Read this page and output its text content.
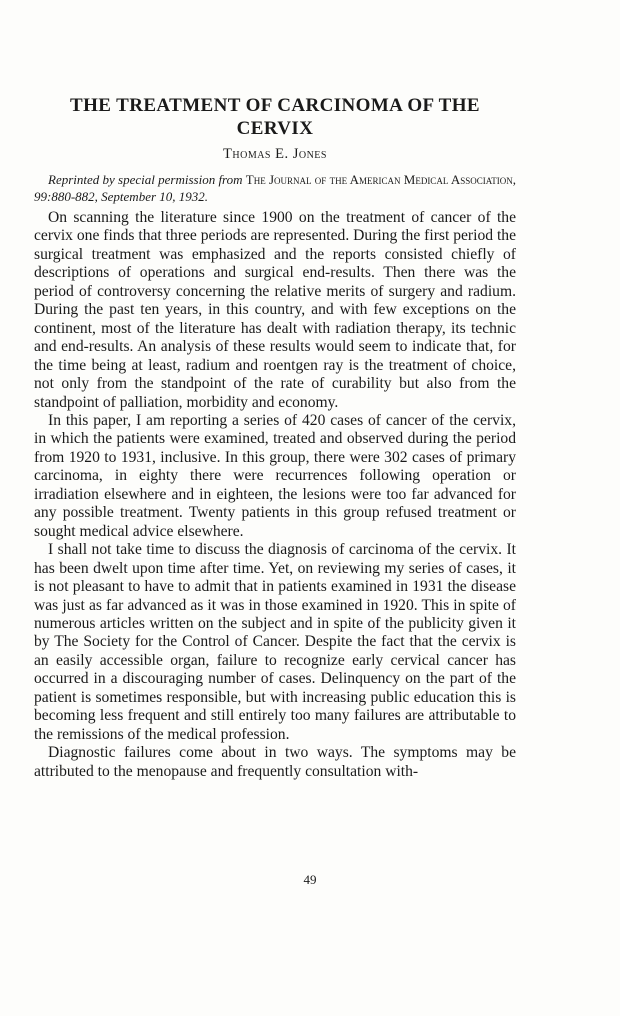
THE TREATMENT OF CARCINOMA OF THE
CERVIX
Thomas E. Jones

Reprinted by special permission from The Journal of the American Medical Association, 99:880-882, September 10, 1932.

On scanning the literature since 1900 on the treatment of cancer of the cervix one finds that three periods are represented. During the first period the surgical treatment was emphasized and the reports consisted chiefly of descriptions of operations and surgical end-results. Then there was the period of controversy concerning the relative merits of surgery and radium. During the past ten years, in this country, and with few exceptions on the continent, most of the literature has dealt with radiation therapy, its technic and end-results. An analysis of these results would seem to indicate that, for the time being at least, radium and roentgen ray is the treatment of choice, not only from the standpoint of the rate of curability but also from the standpoint of palliation, morbidity and economy.

In this paper, I am reporting a series of 420 cases of cancer of the cervix, in which the patients were examined, treated and observed during the period from 1920 to 1931, inclusive. In this group, there were 302 cases of primary carcinoma, in eighty there were recurrences following operation or irradiation elsewhere and in eighteen, the lesions were too far advanced for any possible treatment. Twenty patients in this group refused treatment or sought medical advice elsewhere.

I shall not take time to discuss the diagnosis of carcinoma of the cervix. It has been dwelt upon time after time. Yet, on reviewing my series of cases, it is not pleasant to have to admit that in patients examined in 1931 the disease was just as far advanced as it was in those examined in 1920. This in spite of numerous articles written on the subject and in spite of the publicity given it by The Society for the Control of Cancer. Despite the fact that the cervix is an easily accessible organ, failure to recognize early cervical cancer has occurred in a discouraging number of cases. Delinquency on the part of the patient is sometimes responsible, but with increasing public education this is becoming less frequent and still entirely too many failures are attributable to the remissions of the medical profession.

Diagnostic failures come about in two ways. The symptoms may be attributed to the menopause and frequently consultation with-

49
